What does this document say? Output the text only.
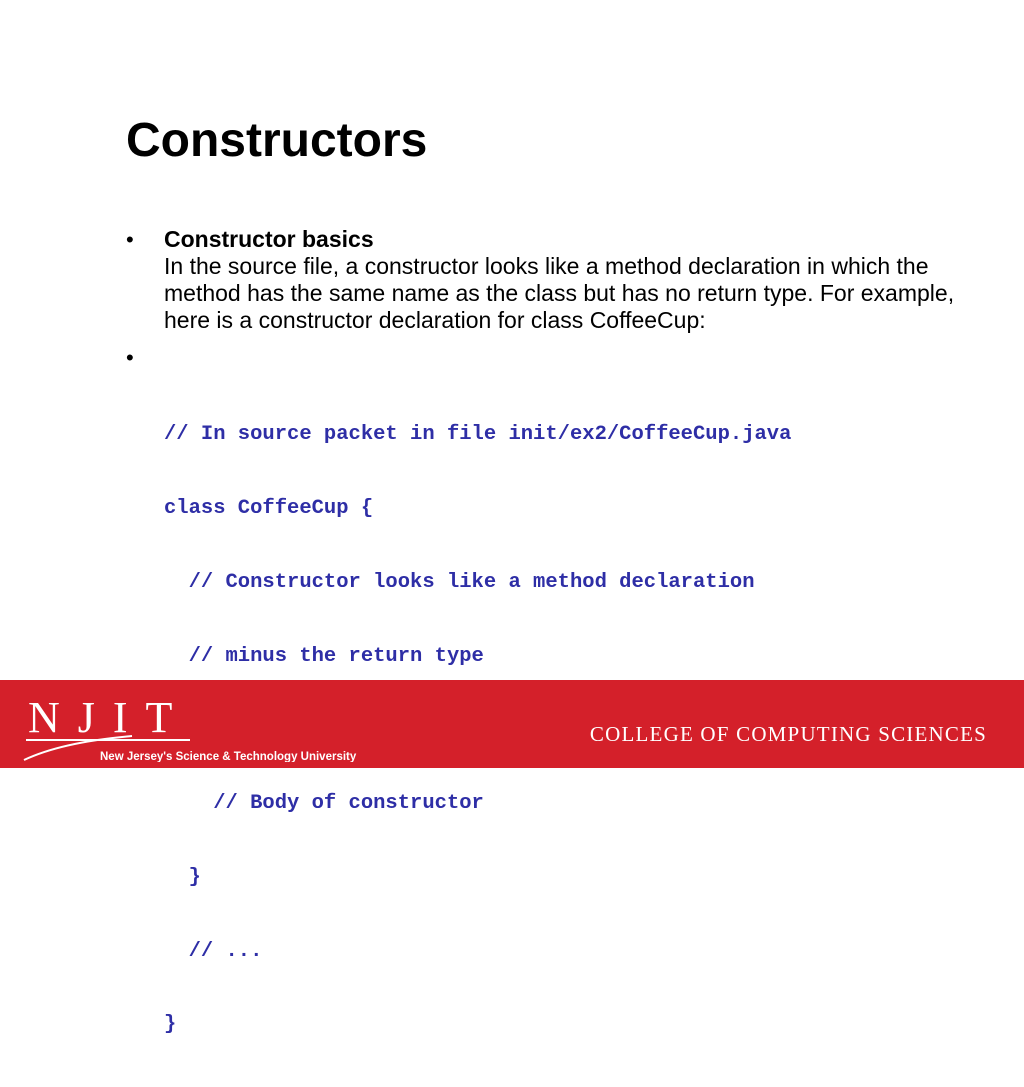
Constructors
• Constructor basics
In the source file, a constructor looks like a method declaration in which the method has the same name as the class but has no return type. For example, here is a constructor declaration for class CoffeeCup:
•

// In source packet in file init/ex2/CoffeeCup.java

class CoffeeCup {

// Constructor looks like a method declaration

// minus the return type

// Body of constructor

}

// ...

}

NJIT
New Jersey's Science & Technology University
COLLEGE OF COMPUTING SCIENCES
